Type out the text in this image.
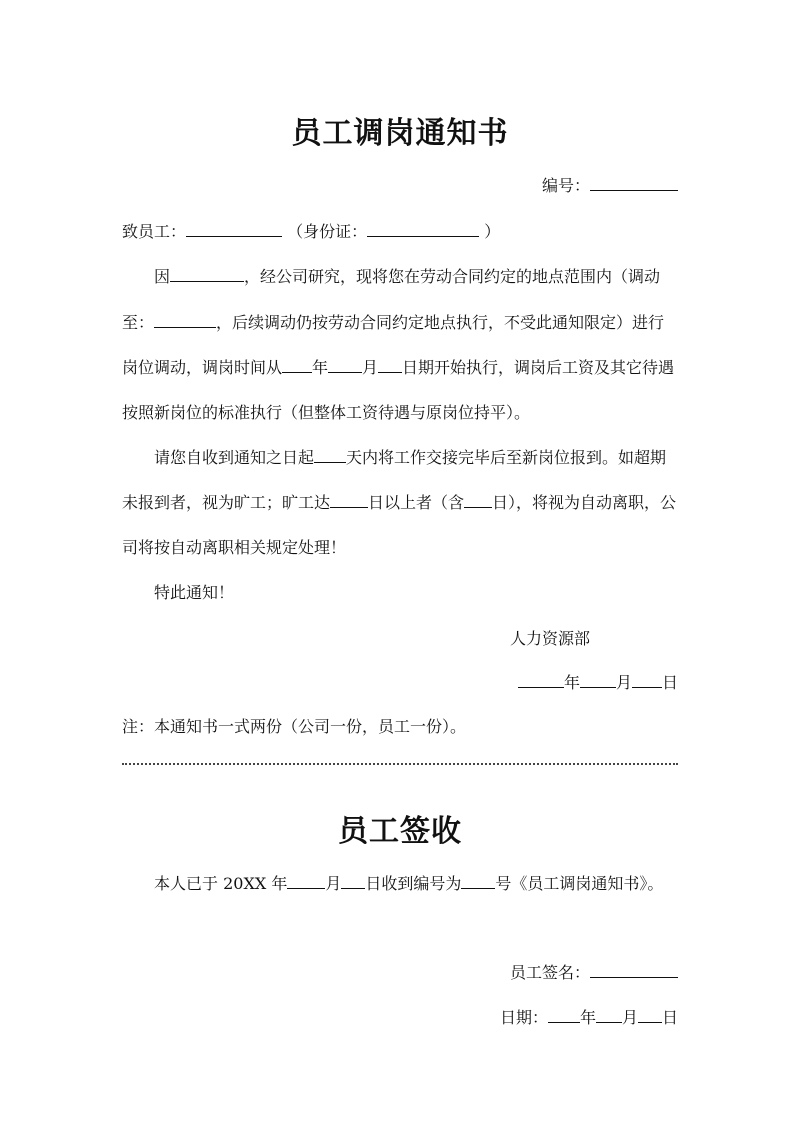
员工调岗通知书
编号：
致员工：	（身份证：	）
因	，经公司研究，现将您在劳动合同约定的地点范围内（调动
至：	，后续调动仍按劳动合同约定地点执行，不受此通知限定）进行
岗位调动，调岗时间从 年 月 日期开始执行，调岗后工资及其它待遇
按照新岗位的标准执行（但整体工资待遇与原岗位持平）。
请您自收到通知之日起 天内将工作交接完毕后至新岗位报到。如超期
未报到者，视为旷工；旷工达 日以上者（含 日），将视为自动离职，公
司将按自动离职相关规定处理！
特此通知！
人力资源部
年 月 日
注：本通知书一式两份（公司一份，员工一份）。
员工签收
本人已于 20XX 年 月 日收到编号为 号《员工调岗通知书》。
员工签名：
日期： 年 月 日
